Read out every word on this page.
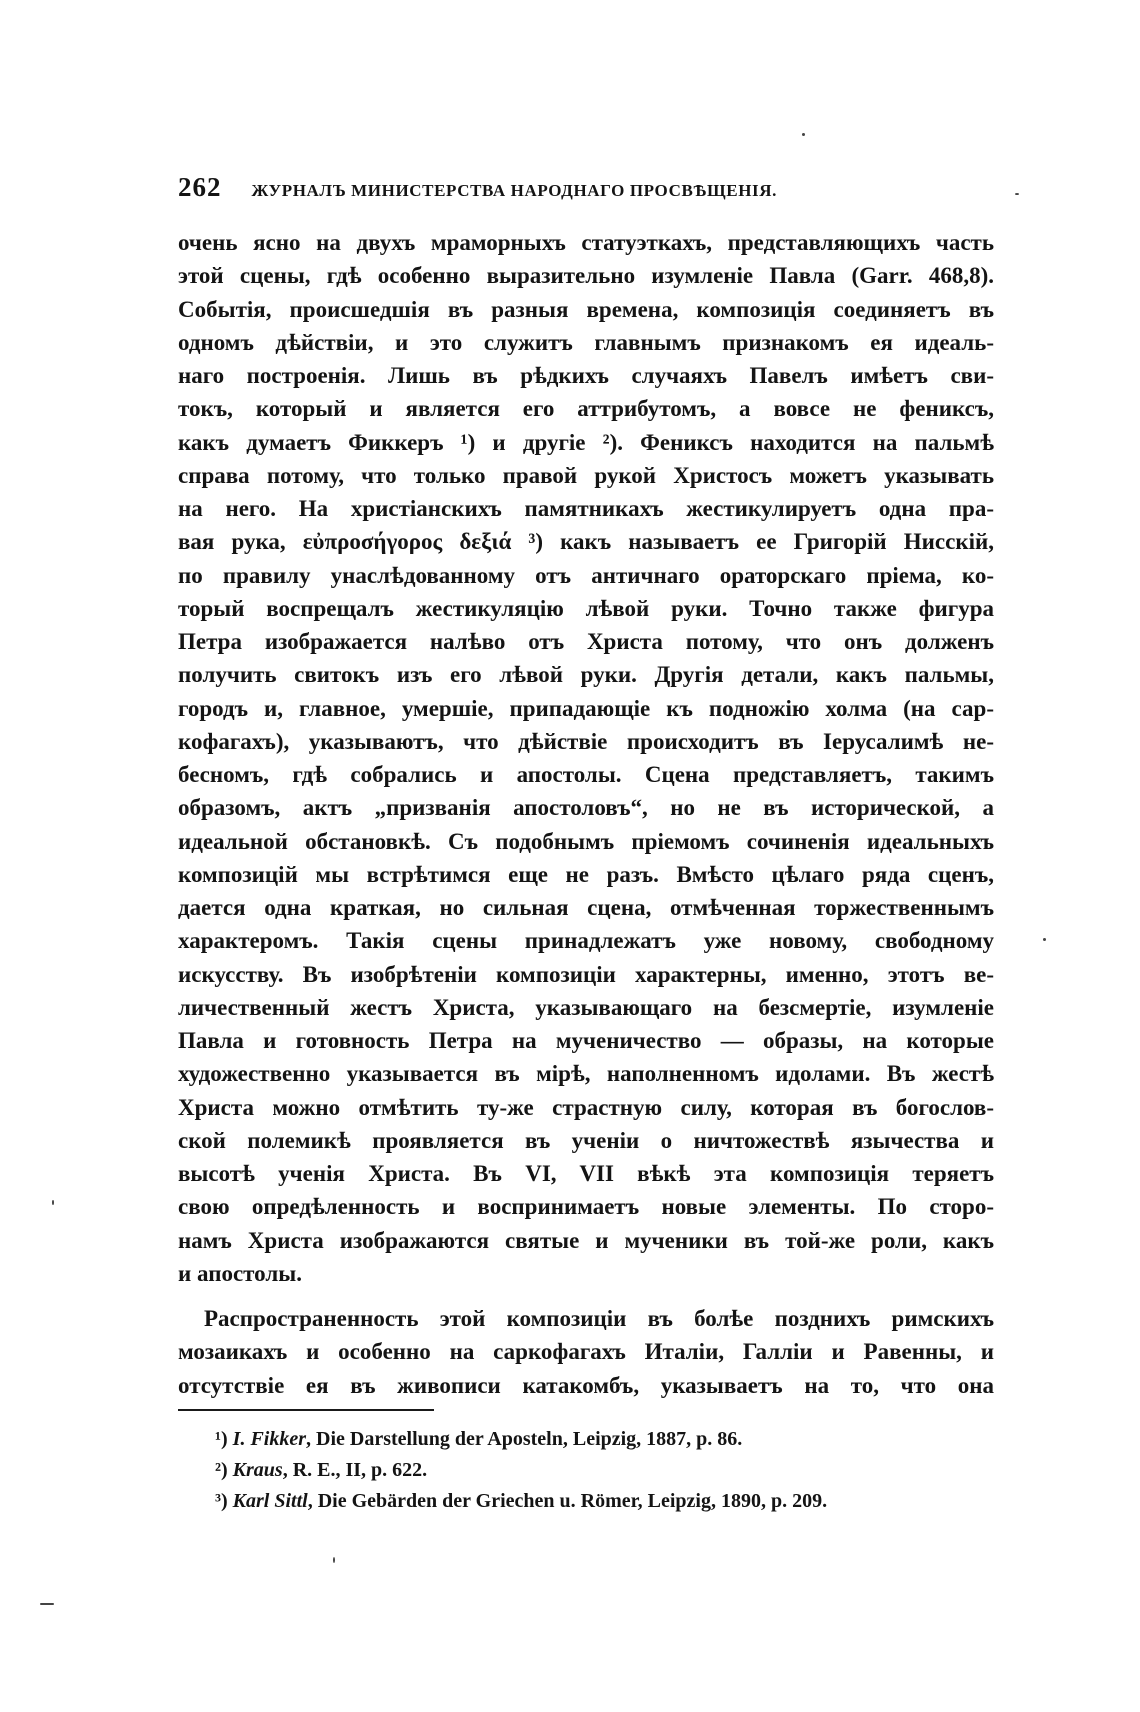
262 ЖУРНАЛЪ МИНИСТЕРСТВА НАРОДНАГО ПРОСВѢЩЕНІЯ.
очень ясно на двухъ мраморныхъ статуэткахъ, представляющихъ часть
этой сцены, гдѣ особенно выразительно изумленіе Павла (Garr. 468,8).
Событія, происшедшія въ разныя времена, композиція соединяетъ въ
одномъ дѣйствіи, и это служитъ главнымъ признакомъ ея идеаль-
наго построенія. Лишь въ рѣдкихъ случаяхъ Павелъ имѣетъ сви-
токъ, который и является его аттрибутомъ, а вовсе не фениксъ,
какъ думаетъ Фиккеръ ¹) и другіе ²). Фениксъ находится на пальмѣ
справа потому, что только правой рукой Христосъ можетъ указывать
на него. На христіанскихъ памятникахъ жестикулируетъ одна пра-
вая рука, εὐπροσήγορος δεξιά ³) какъ называетъ ее Григорій Нисскій,
по правилу унаслѣдованному отъ античнаго ораторскаго пріема, ко-
торый воспрещалъ жестикуляцію лѣвой руки. Точно также фигура
Петра изображается налѣво отъ Христа потому, что онъ долженъ
получить свитокъ изъ его лѣвой руки. Другія детали, какъ пальмы,
городъ и, главное, умершіе, припадающіе къ подножію холма (на сар-
кофагахъ), указываютъ, что дѣйствіе происходитъ въ Іерусалимѣ не-
бесномъ, гдѣ собрались и апостолы. Сцена представляетъ, такимъ
образомъ, актъ „призванія апостоловъ“, но не въ исторической, а
идеальной обстановкѣ. Съ подобнымъ пріемомъ сочиненія идеальныхъ
композицій мы встрѣтимся еще не разъ. Вмѣсто цѣлаго ряда сценъ,
дается одна краткая, но сильная сцена, отмѣченная торжественнымъ
характеромъ. Такія сцены принадлежатъ уже новому, свободному
искусству. Въ изобрѣтеніи композиціи характерны, именно, этотъ ве-
личественный жестъ Христа, указывающаго на безсмертіе, изумленіе
Павла и готовность Петра на мученичество — образы, на которые
художественно указывается въ мірѣ, наполненномъ идолами. Въ жестѣ
Христа можно отмѣтить ту-же страстную силу, которая въ богослов-
ской полемикѣ проявляется въ ученіи о ничтожествѣ язычества и
высотѣ ученія Христа. Въ VI, VII вѣкѣ эта композиція теряетъ
свою опредѣленность и воспринимаетъ новые элементы. По сторо-
намъ Христа изображаются святые и мученики въ той-же роли, какъ
и апостолы.
Распространенность этой композиціи въ болѣе позднихъ римскихъ
мозаикахъ и особенно на саркофагахъ Италіи, Галліи и Равенны, и
отсутствіе ея въ живописи катакомбъ, указываетъ на то, что она
¹) I. Fikker, Die Darstellung der Aposteln, Leipzig, 1887, p. 86.
²) Kraus, R. E., II, p. 622.
³) Karl Sittl, Die Gebärden der Griechen u. Römer, Leipzig, 1890, p. 209.
